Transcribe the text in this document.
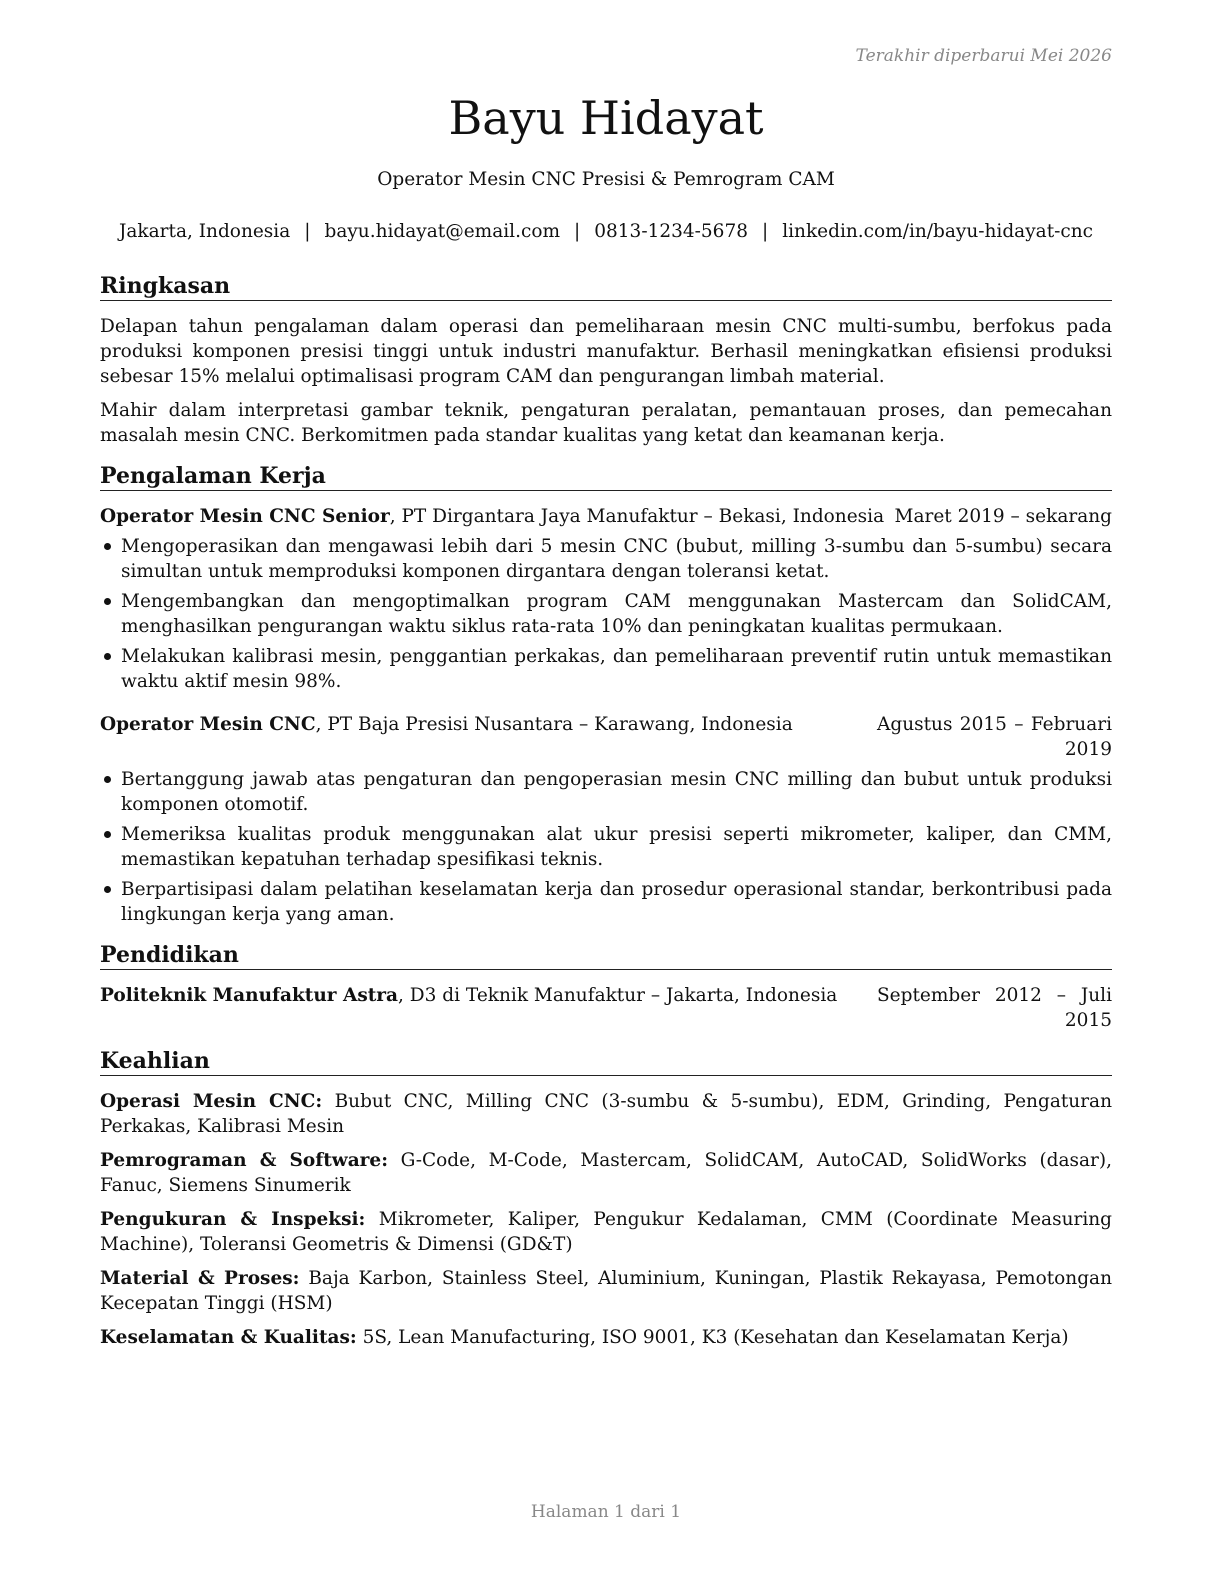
Terakhir diperbarui Mei 2026
Bayu Hidayat
Operator Mesin CNC Presisi & Pemrogram CAM
Jakarta, Indonesia | bayu.hidayat@email.com | 0813-1234-5678 | linkedin.com/in/bayu-hidayat-cnc
Ringkasan

Delapan tahun pengalaman dalam operasi dan pemeliharaan mesin CNC multi-sumbu, berfokus pada produksi komponen presisi tinggi untuk industri manufaktur. Berhasil meningkatkan efisiensi produksi sebesar 15% melalui optimalisasi program CAM dan pengurangan limbah material.

Mahir dalam interpretasi gambar teknik, pengaturan peralatan, pemantauan proses, dan pemecahan masalah mesin CNC. Berkomitmen pada standar kualitas yang ketat dan keamanan kerja.

Pengalaman Kerja
Operator Mesin CNC Senior, PT Dirgantara Jaya Manufaktur – Bekasi, Indonesia Maret 2019 – sekarang
Mengoperasikan dan mengawasi lebih dari 5 mesin CNC (bubut, milling 3-sumbu dan 5-sumbu) secara simultan untuk memproduksi komponen dirgantara dengan toleransi ketat.
Mengembangkan dan mengoptimalkan program CAM menggunakan Mastercam dan SolidCAM, menghasilkan pengurangan waktu siklus rata-rata 10% dan peningkatan kualitas permukaan.
Melakukan kalibrasi mesin, penggantian perkakas, dan pemeliharaan preventif rutin untuk memastikan waktu aktif mesin 98%.
Operator Mesin CNC, PT Baja Presisi Nusantara – Karawang, Indonesia	Agustus 2015 – Februari 2019
Bertanggung jawab atas pengaturan dan pengoperasian mesin CNC milling dan bubut untuk produksi komponen otomotif.
Memeriksa kualitas produk menggunakan alat ukur presisi seperti mikrometer, kaliper, dan CMM, memastikan kepatuhan terhadap spesifikasi teknis.
Berpartisipasi dalam pelatihan keselamatan kerja dan prosedur operasional standar, berkontribusi pada lingkungan kerja yang aman.
Pendidikan
Politeknik Manufaktur Astra, D3 di Teknik Manufaktur – Jakarta, Indonesia	September 2012 – Juli 2015
Keahlian
Operasi Mesin CNC: Bubut CNC, Milling CNC (3-sumbu & 5-sumbu), EDM, Grinding, Pengaturan Perkakas, Kalibrasi Mesin
Pemrograman & Software: G-Code, M-Code, Mastercam, SolidCAM, AutoCAD, SolidWorks (dasar), Fanuc, Siemens Sinumerik
Pengukuran & Inspeksi: Mikrometer, Kaliper, Pengukur Kedalaman, CMM (Coordinate Measuring Machine), Toleransi Geometris & Dimensi (GD&T)
Material & Proses: Baja Karbon, Stainless Steel, Aluminium, Kuningan, Plastik Rekayasa, Pemotongan Kecepatan Tinggi (HSM)
Keselamatan & Kualitas: 5S, Lean Manufacturing, ISO 9001, K3 (Kesehatan dan Keselamatan Kerja)
Halaman 1 dari 1
